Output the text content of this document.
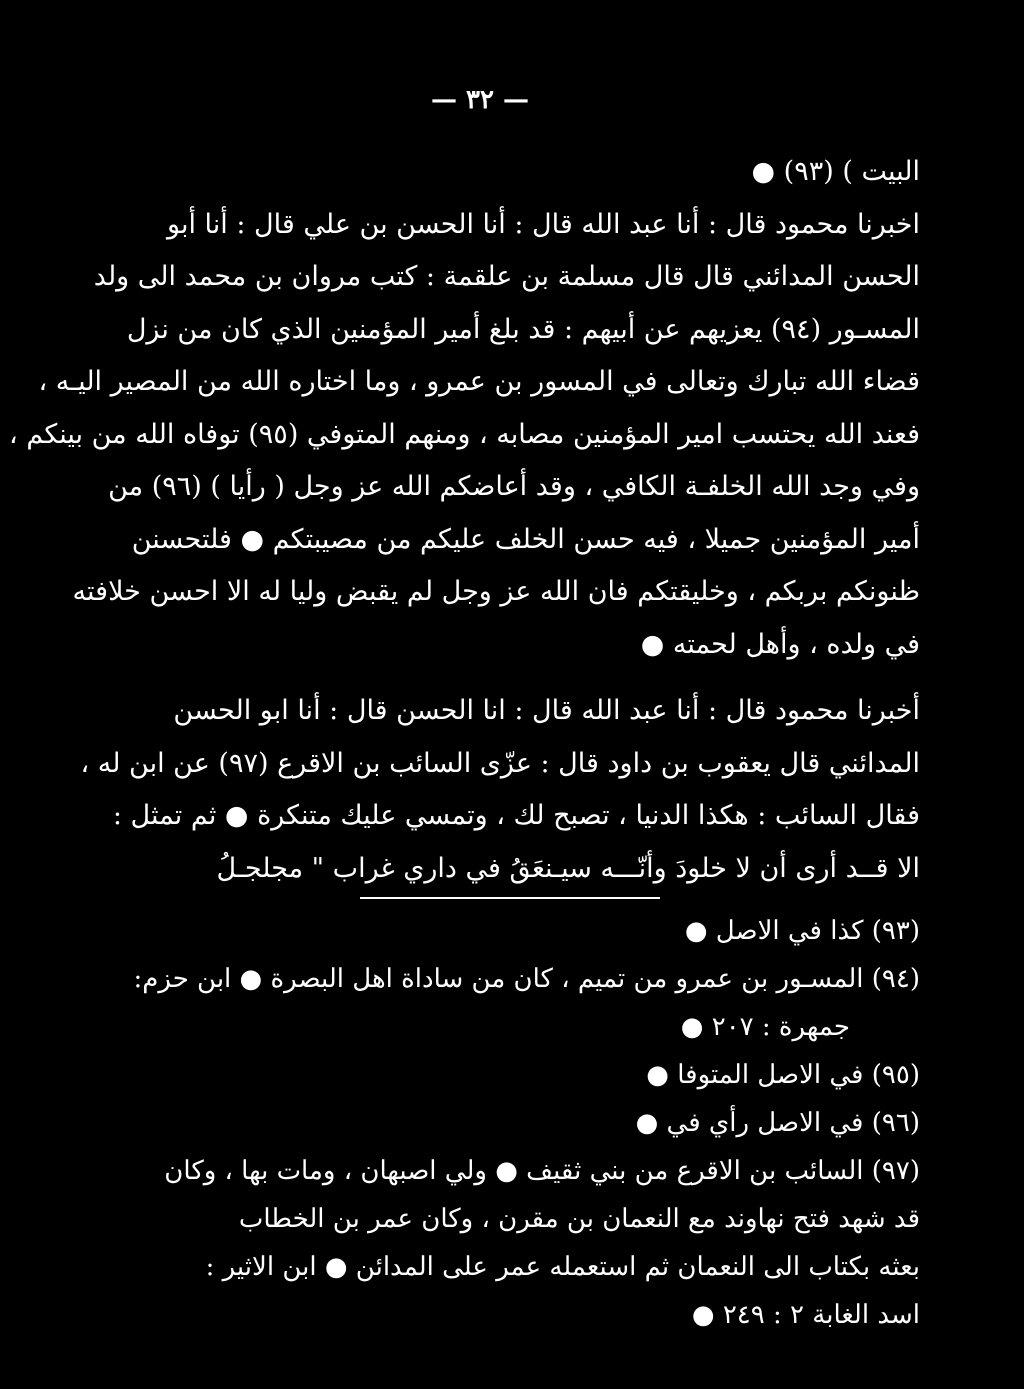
— ٣٢ —
البيت ) (٩٣) ●
اخبرنا محمود قال : أنا عبد الله قال : أنا الحسن بن علي قال : أنا أبو
الحسن المدائني قال قال مسلمة بن علقمة : كتب مروان بن محمد الى ولد
المسـور (٩٤) يعزيهم عن أبيهم : قد بلغ أمير المؤمنين الذي كان من نزل
قضاء الله تبارك وتعالى في المسور بن عمرو ، وما اختاره الله من المصير اليـه ،
فعند الله يحتسب امير المؤمنين مصابه ، ومنهم المتوفي (٩٥) توفاه الله من بينكم ،
وفي وجد الله الخلفـة الكافي ، وقد أعاضكم الله عز وجل ( رأيا ) (٩٦) من
أمير المؤمنين جميلا ، فيه حسن الخلف عليكم من مصيبتكم ● فلتحسنن
ظنونكم بربكم ، وخليقتكم فان الله عز وجل لم يقبض وليا له الا احسن خلافته
في ولده ، وأهل لحمته ●
أخبرنا محمود قال : أنا عبد الله قال : انا الحسن قال : أنا ابو الحسن
المدائني قال يعقوب بن داود قال : عزّى السائب بن الاقرع (٩٧) عن ابن له ،
فقال السائب : هكذا الدنيا ، تصبح لك ، وتمسي عليك متنكرة ● ثم تمثل :
الا قــد أرى أن لا خلودَ وأنّـــه سيـنعَقُ في داري غراب " مجلجـلُ
(٩٣) كذا في الاصل ●
(٩٤) المسـور بن عمرو من تميم ، كان من ساداة اهل البصرة ● ابن حزم:
جمهرة : ٢٠٧ ●
(٩٥) في الاصل المتوفا ●
(٩٦) في الاصل رأي في ●
(٩٧) السائب بن الاقرع من بني ثقيف ● ولي اصبهان ، ومات بها ، وكان
قد شهد فتح نهاوند مع النعمان بن مقرن ، وكان عمر بن الخطاب
بعثه بكتاب الى النعمان ثم استعمله عمر على المدائن ● ابن الاثير :
اسد الغابة ٢ : ٢٤٩ ●
